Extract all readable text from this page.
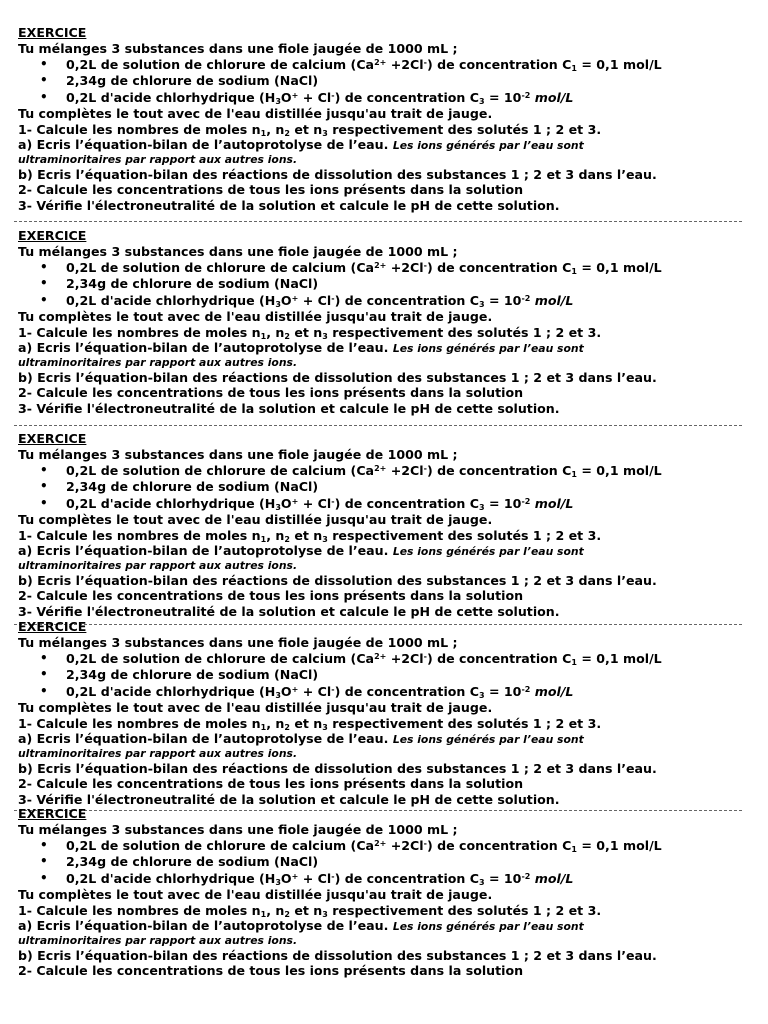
EXERCICE
Tu mélanges 3 substances dans une fiole jaugée de 1000 mL ;
• 0,2L de solution de chlorure de calcium $(Ca^{2+} +2Cl^-)$ de concentration $C_1 = 0,1$ mol/L
• 2,34g de chlorure de sodium (NaCl)
• 0,2L d'acide chlorhydrique $(H_3O^+ + Cl^-)$ de concentration $C_3 = 10^{-2}$ mol/L
Tu complètes le tout avec de l'eau distillée jusqu'au trait de jauge.
1- Calcule les nombres de moles $n_1$, $n_2$ et $n_3$ respectivement des solutés 1 ; 2 et 3.
a) Ecris l’équation-bilan de l’autoprotolyse de l’eau. Les ions générés par l’eau sont
ultraminoritaires par rapport aux autres ions.
b) Ecris l’équation-bilan des réactions de dissolution des substances 1 ; 2 et 3 dans l’eau.
2- Calcule les concentrations de tous les ions présents dans la solution
3- Vérifie l'électroneutralité de la solution et calcule le pH de cette solution.
EXERCICE
Tu mélanges 3 substances dans une fiole jaugée de 1000 mL ;
• 0,2L de solution de chlorure de calcium $(Ca^{2+} +2Cl^-)$ de concentration $C_1 = 0,1$ mol/L
• 2,34g de chlorure de sodium (NaCl)
• 0,2L d'acide chlorhydrique $(H_3O^+ + Cl^-)$ de concentration $C_3 = 10^{-2}$ mol/L
Tu complètes le tout avec de l'eau distillée jusqu'au trait de jauge.
1- Calcule les nombres de moles $n_1$, $n_2$ et $n_3$ respectivement des solutés 1 ; 2 et 3.
a) Ecris l’équation-bilan de l’autoprotolyse de l’eau. Les ions générés par l’eau sont
ultraminoritaires par rapport aux autres ions.
b) Ecris l’équation-bilan des réactions de dissolution des substances 1 ; 2 et 3 dans l’eau.
2- Calcule les concentrations de tous les ions présents dans la solution
3- Vérifie l'électroneutralité de la solution et calcule le pH de cette solution.
EXERCICE
Tu mélanges 3 substances dans une fiole jaugée de 1000 mL ;
• 0,2L de solution de chlorure de calcium $(Ca^{2+} +2Cl^-)$ de concentration $C_1 = 0,1$ mol/L
• 2,34g de chlorure de sodium (NaCl)
• 0,2L d'acide chlorhydrique $(H_3O^+ + Cl^-)$ de concentration $C_3 = 10^{-2}$ mol/L
Tu complètes le tout avec de l'eau distillée jusqu'au trait de jauge.
1- Calcule les nombres de moles $n_1$, $n_2$ et $n_3$ respectivement des solutés 1 ; 2 et 3.
a) Ecris l’équation-bilan de l’autoprotolyse de l’eau. Les ions générés par l’eau sont
ultraminoritaires par rapport aux autres ions.
b) Ecris l’équation-bilan des réactions de dissolution des substances 1 ; 2 et 3 dans l’eau.
2- Calcule les concentrations de tous les ions présents dans la solution
3- Vérifie l'électroneutralité de la solution et calcule le pH de cette solution.
EXERCICE
Tu mélanges 3 substances dans une fiole jaugée de 1000 mL ;
• 0,2L de solution de chlorure de calcium $(Ca^{2+} +2Cl^-)$ de concentration $C_1 = 0,1$ mol/L
• 2,34g de chlorure de sodium (NaCl)
• 0,2L d'acide chlorhydrique $(H_3O^+ + Cl^-)$ de concentration $C_3 = 10^{-2}$ mol/L
Tu complètes le tout avec de l'eau distillée jusqu'au trait de jauge.
1- Calcule les nombres de moles $n_1$, $n_2$ et $n_3$ respectivement des solutés 1 ; 2 et 3.
a) Ecris l’équation-bilan de l’autoprotolyse de l’eau. Les ions générés par l’eau sont
ultraminoritaires par rapport aux autres ions.
b) Ecris l’équation-bilan des réactions de dissolution des substances 1 ; 2 et 3 dans l’eau.
2- Calcule les concentrations de tous les ions présents dans la solution
3- Vérifie l'électroneutralité de la solution et calcule le pH de cette solution.
EXERCICE
Tu mélanges 3 substances dans une fiole jaugée de 1000 mL ;
• 0,2L de solution de chlorure de calcium $(Ca^{2+} +2Cl^-)$ de concentration $C_1 = 0,1$ mol/L
• 2,34g de chlorure de sodium (NaCl)
• 0,2L d'acide chlorhydrique $(H_3O^+ + Cl^-)$ de concentration $C_3 = 10^{-2}$ mol/L
Tu complètes le tout avec de l'eau distillée jusqu'au trait de jauge.
1- Calcule les nombres de moles $n_1$, $n_2$ et $n_3$ respectivement des solutés 1 ; 2 et 3.
a) Ecris l’équation-bilan de l’autoprotolyse de l’eau. Les ions générés par l’eau sont
ultraminoritaires par rapport aux autres ions.
b) Ecris l’équation-bilan des réactions de dissolution des substances 1 ; 2 et 3 dans l’eau.
2- Calcule les concentrations de tous les ions présents dans la solution
